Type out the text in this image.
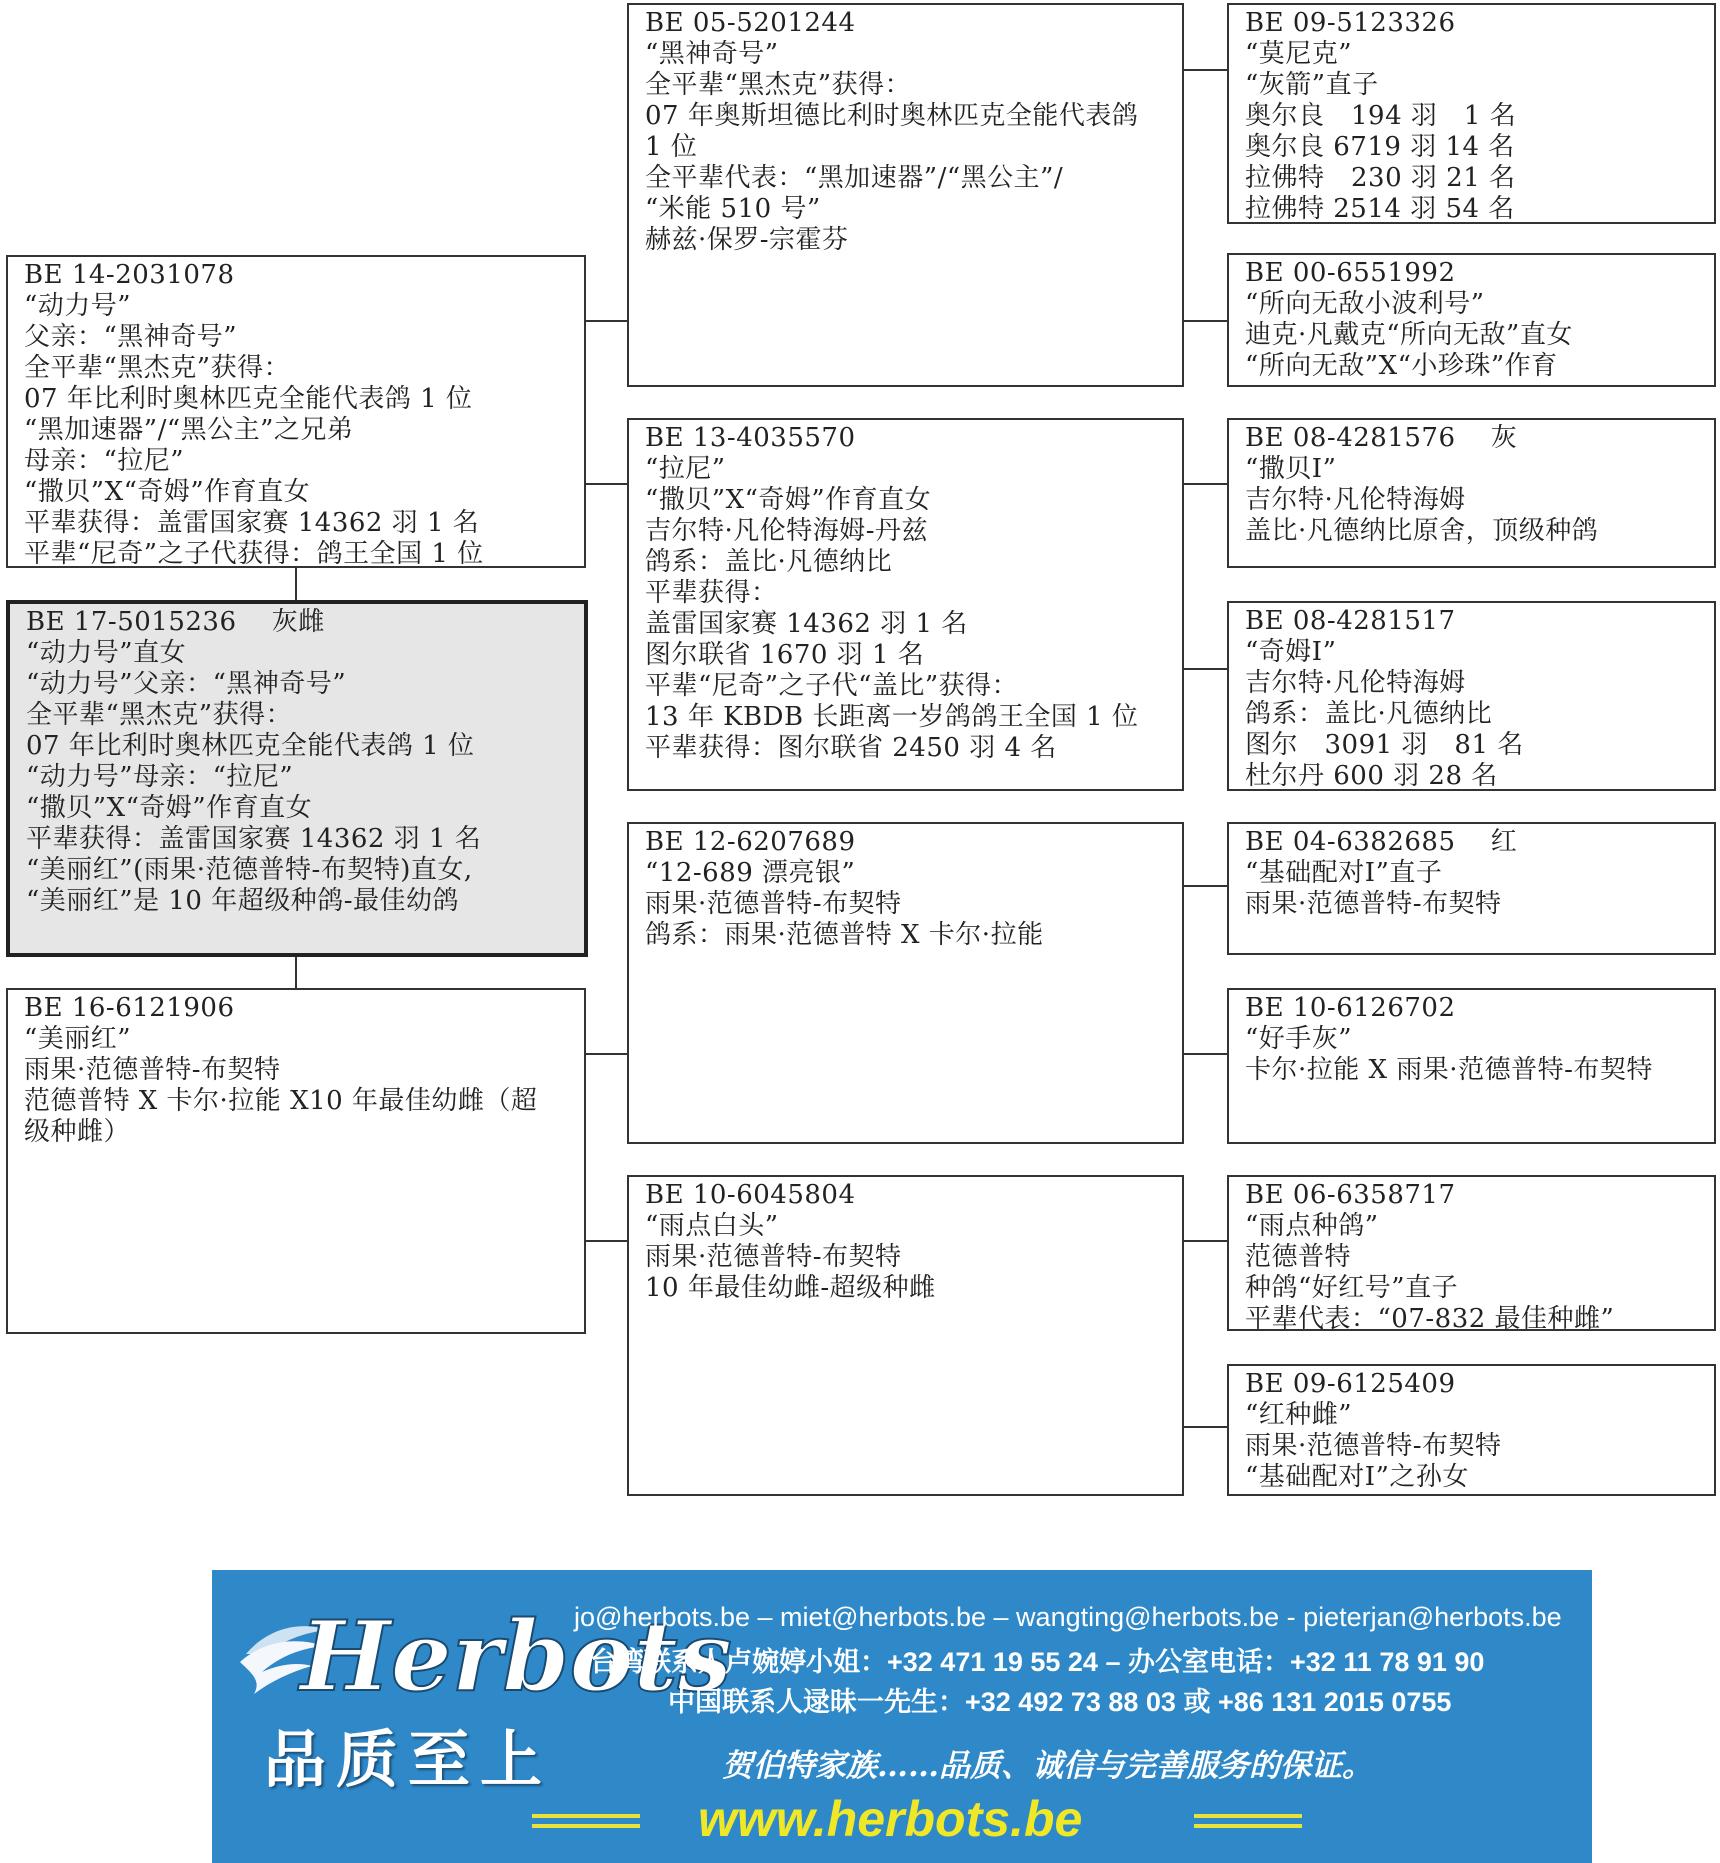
BE 14-2031078
“动力号”
父亲：“黑神奇号”
全平辈“黑杰克”获得：
07 年比利时奥林匹克全能代表鸽 1 位
“黑加速器”/“黑公主”之兄弟
母亲：“拉尼”
“撒贝”X“奇姆”作育直女
平辈获得：盖雷国家赛 14362 羽 1 名
平辈“尼奇”之子代获得：鸽王全国 1 位
BE 17-5015236　 灰雌
“动力号”直女
“动力号”父亲：“黑神奇号”
全平辈“黑杰克”获得：
07 年比利时奥林匹克全能代表鸽 1 位
“动力号”母亲：“拉尼”
“撒贝”X“奇姆”作育直女
平辈获得：盖雷国家赛 14362 羽 1 名
“美丽红”(雨果·范德普特-布契特)直女,
“美丽红”是 10 年超级种鸽-最佳幼鸽
BE 16-6121906
“美丽红”
雨果·范德普特-布契特
范德普特 X 卡尔·拉能 X10 年最佳幼雌（超
级种雌）
BE 05-5201244
“黑神奇号”
全平辈“黑杰克”获得：
07 年奥斯坦德比利时奥林匹克全能代表鸽
1 位
全平辈代表：“黑加速器”/“黑公主”/
“米能 510 号”
赫兹·保罗-宗霍芬
BE 13-4035570
“拉尼”
“撒贝”X“奇姆”作育直女
吉尔特·凡伦特海姆-丹兹
鸽系：盖比·凡德纳比
平辈获得：
盖雷国家赛 14362 羽 1 名
图尔联省 1670 羽 1 名
平辈“尼奇”之子代“盖比”获得：
13 年 KBDB 长距离一岁鸽鸽王全国 1 位
平辈获得：图尔联省 2450 羽 4 名
BE 12-6207689
“12-689 漂亮银”
雨果·范德普特-布契特
鸽系：雨果·范德普特 X 卡尔·拉能
BE 10-6045804
“雨点白头”
雨果·范德普特-布契特
10 年最佳幼雌-超级种雌
BE 09-5123326
“莫尼克”
“灰箭”直子
奥尔良　194 羽　1 名
奥尔良 6719 羽 14 名
拉佛特　230 羽 21 名
拉佛特 2514 羽 54 名
BE 00-6551992
“所向无敌小波利号”
迪克·凡戴克“所向无敌”直女
“所向无敌”X“小珍珠”作育
BE 08-4281576　 灰
“撒贝Ⅰ”
吉尔特·凡伦特海姆
盖比·凡德纳比原舍，顶级种鸽
BE 08-4281517
“奇姆Ⅰ”
吉尔特·凡伦特海姆
鸽系：盖比·凡德纳比
图尔　3091 羽　81 名
杜尔丹 600 羽 28 名
BE 04-6382685　 红
“基础配对Ⅰ”直子
雨果·范德普特-布契特
BE 10-6126702
“好手灰”
卡尔·拉能 X 雨果·范德普特-布契特
BE 06-6358717
“雨点种鸽”
范德普特
种鸽“好红号”直子
平辈代表：“07-832 最佳种雌”
BE 09-6125409
“红种雌”
雨果·范德普特-布契特
“基础配对Ⅰ”之孙女
Herbots
品质至上
jo@herbots.be – miet@herbots.be – wangting@herbots.be - pieterjan@herbots.be
台湾联系人卢婉婷小姐：+32 471 19 55 24 – 办公室电话：+32 11 78 91 90
中国联系人逯昧一先生：+32 492 73 88 03 或 +86 131 2015 0755
贺伯特家族……品质、诚信与完善服务的保证。
www.herbots.be
